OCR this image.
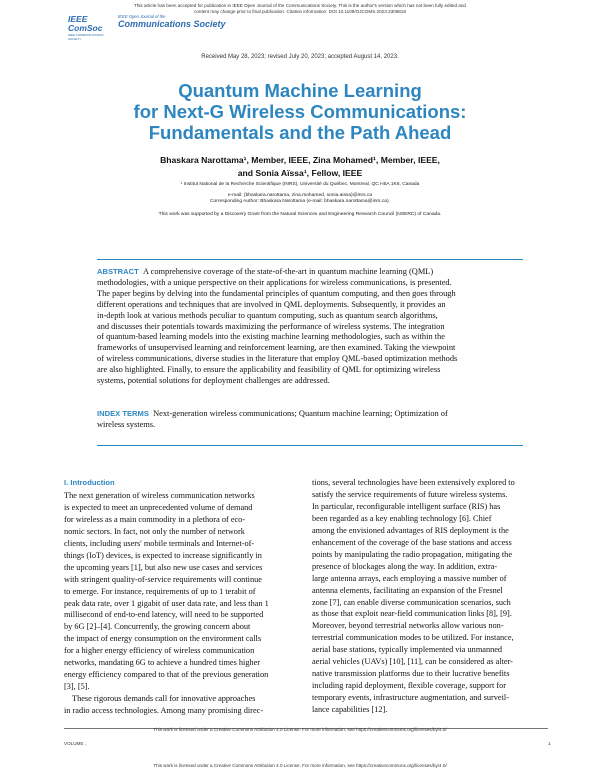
This article has been accepted for publication in IEEE Open Journal of the Communications Society. This is the author's version which has not been fully edited and
content may change prior to final publication. Citation information: DOI 10.1109/OJCOMS.2023.3306818
IEEE ComSoc
IEEE COMMUNICATIONS SOCIETY
IEEE Open Journal of the
Communications Society
Received May 28, 2023; revised July 20, 2023; accepted August 14, 2023.
Quantum Machine Learning
for Next-G Wireless Communications:
Fundamentals and the Path Ahead
Bhaskara Narottama¹, Member, IEEE, Zina Mohamed¹, Member, IEEE,
and Sonia Aïssa¹, Fellow, IEEE
¹ Institut National de la Recherche Scientifique (INRS), Université du Québec, Montreal, QC H5A 1K6, Canada
e-mail: {bhaskara.narottama, zina.mohamed, sonia.aissa}@inrs.ca
Corresponding Author: Bhaskara Narottama (e-mail: bhaskara.narottama@inrs.ca).
This work was supported by a Discovery Grant from the Natural Sciences and Engineering Research Council (NSERC) of Canada.
ABSTRACT A comprehensive coverage of the state-of-the-art in quantum machine learning (QML)
methodologies, with a unique perspective on their applications for wireless communications, is presented.
The paper begins by delving into the fundamental principles of quantum computing, and then goes through
different operations and techniques that are involved in QML deployments. Subsequently, it provides an
in-depth look at various methods peculiar to quantum computing, such as quantum search algorithms,
and discusses their potentials towards maximizing the performance of wireless systems. The integration
of quantum-based learning models into the existing machine learning methodologies, such as within the
frameworks of unsupervised learning and reinforcement learning, are then examined. Taking the viewpoint
of wireless communications, diverse studies in the literature that employ QML-based optimization methods
are also highlighted. Finally, to ensure the applicability and feasibility of QML for optimizing wireless
systems, potential solutions for deployment challenges are addressed.
INDEX TERMS Next-generation wireless communications; Quantum machine learning; Optimization of
wireless systems.
I. Introduction
The next generation of wireless communication networks
is expected to meet an unprecedented volume of demand
for wireless as a main commodity in a plethora of eco-
nomic sectors. In fact, not only the number of network
clients, including users' mobile terminals and Internet-of-
things (IoT) devices, is expected to increase significantly in
the upcoming years [1], but also new use cases and services
with stringent quality-of-service requirements will continue
to emerge. For instance, requirements of up to 1 terabit of
peak data rate, over 1 gigabit of user data rate, and less than 1
millisecond of end-to-end latency, will need to be supported
by 6G [2]–[4]. Concurrently, the growing concern about
the impact of energy consumption on the environment calls
for a higher energy efficiency of wireless communication
networks, mandating 6G to achieve a hundred times higher
energy efficiency compared to that of the previous generation
[3], [5].
These rigorous demands call for innovative approaches
in radio access technologies. Among many promising direc-
tions, several technologies have been extensively explored to
satisfy the service requirements of future wireless systems.
In particular, reconfigurable intelligent surface (RIS) has
been regarded as a key enabling technology [6]. Chief
among the envisioned advantages of RIS deployment is the
enhancement of the coverage of the base stations and access
points by manipulating the radio propagation, mitigating the
presence of blockages along the way. In addition, extra-
large antenna arrays, each employing a massive number of
antenna elements, facilitating an expansion of the Fresnel
zone [7], can enable diverse communication scenarios, such
as those that exploit near-field communication links [8], [9].
Moreover, beyond terrestrial networks allow various non-
terrestrial communication modes to be utilized. For instance,
aerial base stations, typically implemented via unmanned
aerial vehicles (UAVs) [10], [11], can be considered as alter-
native transmission platforms due to their lucrative benefits
including rapid deployment, flexible coverage, support for
temporary events, infrastructure augmentation, and surveil-
lance capabilities [12].
This work is licensed under a Creative Commons Attribution 4.0 License. For more information, see https://creativecommons.org/licenses/by/4.0/
VOLUME ,	1
This work is licensed under a Creative Commons Attribution 4.0 License. For more information, see https://creativecommons.org/licenses/by/4.0/
